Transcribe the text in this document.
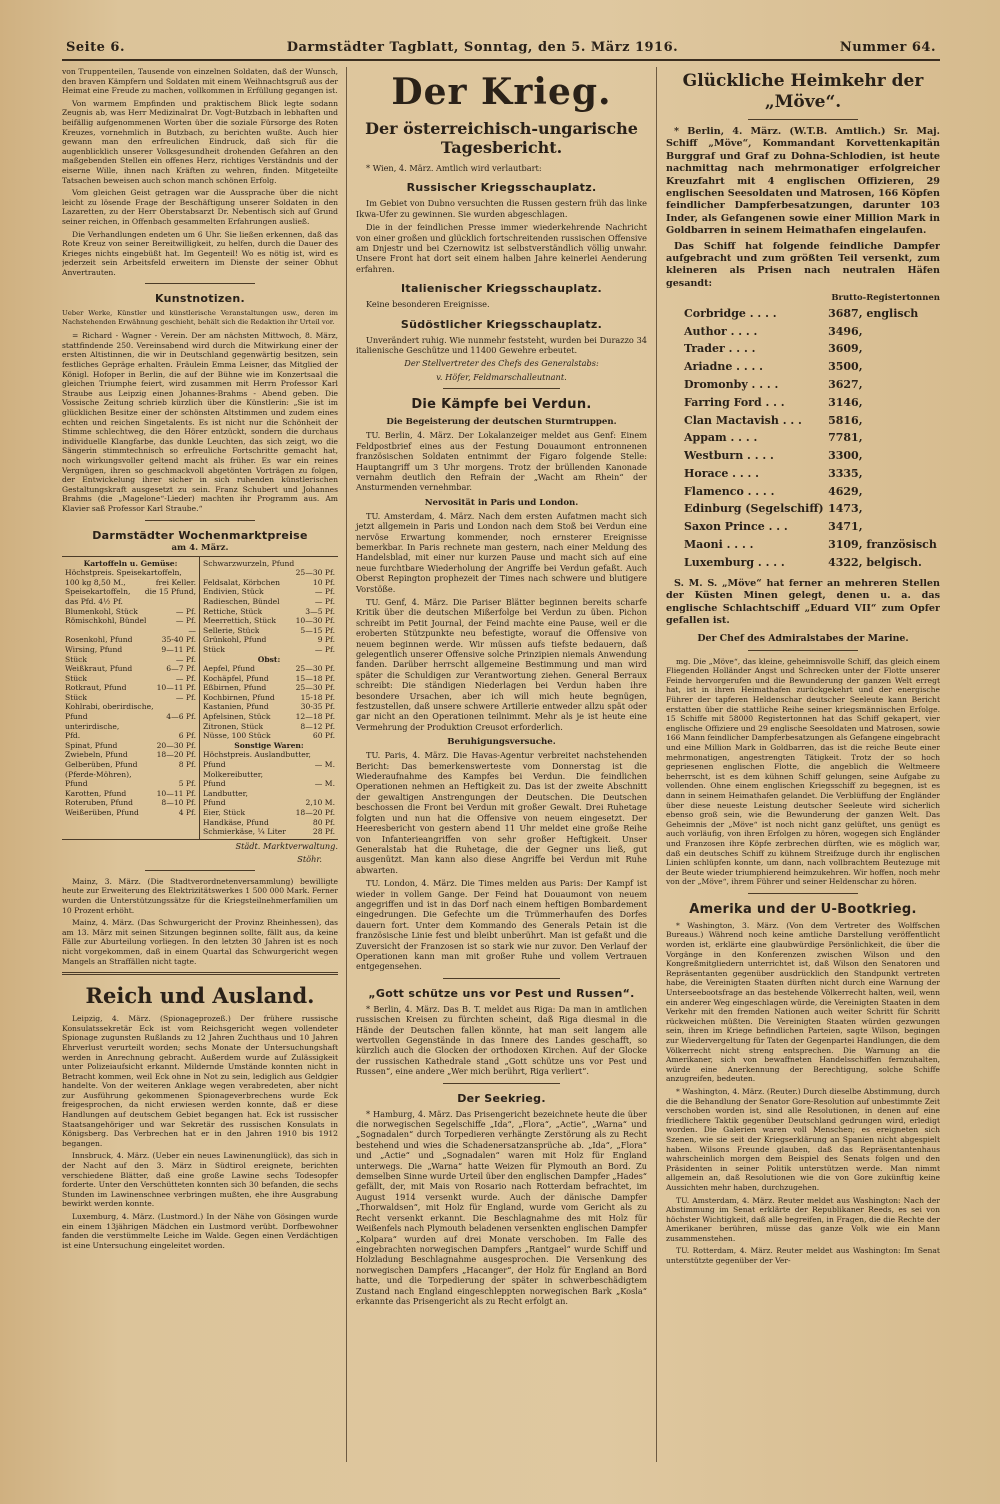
Seite 6.	Darmstädter Tagblatt, Sonntag, den 5. März 1916.	Nummer 64.

von Truppenteilen, Tausende von einzelnen Soldaten, daß der Wunsch, den braven Kämpfern und Soldaten mit einem Weihnachtsgruß aus der Heimat eine Freude zu machen, vollkommen in Erfüllung gegangen ist.

Von warmem Empfinden und praktischem Blick legte sodann Zeugnis ab, was Herr Medizinalrat Dr. Vogt-Butzbach in lebhaften und beifällig aufgenommenen Worten über die soziale Fürsorge des Roten Kreuzes, vornehmlich in Butzbach, zu berichten wußte. Auch hier gewann man den erfreulichen Eindruck, daß sich für die augenblicklich unserer Volksgesundheit drohenden Gefahren an den maßgebenden Stellen ein offenes Herz, richtiges Verständnis und der eiserne Wille, ihnen nach Kräften zu wehren, finden. Mitgeteilte Tatsachen beweisen auch schon manch schönen Erfolg.

Vom gleichen Geist getragen war die Aussprache über die nicht leicht zu lösende Frage der Beschäftigung unserer Soldaten in den Lazaretten, zu der Herr Oberstabsarzt Dr. Nebentisch sich auf Grund seiner reichen, in Offenbach gesammelten Erfahrungen ausließ.

Die Verhandlungen endeten um 6 Uhr. Sie ließen erkennen, daß das Rote Kreuz von seiner Bereitwilligkeit, zu helfen, durch die Dauer des Krieges nichts eingebüßt hat. Im Gegenteil! Wo es nötig ist, wird es jederzeit sein Arbeitsfeld erweitern im Dienste der seiner Obhut Anvertrauten.

Kunstnotizen.
Ueber Werke, Künstler und künstlerische Veranstaltungen usw., deren im Nachstehenden Erwähnung geschieht, behält sich die Redaktion ihr Urteil vor.

= Richard - Wagner - Verein. Der am nächsten Mittwoch, 8. März, stattfindende 250. Vereinsabend wird durch die Mitwirkung einer der ersten Altistinnen, die wir in Deutschland gegenwärtig besitzen, sein festliches Gepräge erhalten. Fräulein Emma Leisner, das Mitglied der Königl. Hofoper in Berlin, die auf der Bühne wie im Konzertsaal die gleichen Triumphe feiert, wird zusammen mit Herrn Professor Karl Straube aus Leipzig einen Johannes-Brahms - Abend geben. Die Vossische Zeitung schrieb kürzlich über die Künstlerin: „Sie ist im glücklichen Besitze einer der schönsten Altstimmen und zudem eines echten und reichen Singetalents. Es ist nicht nur die Schönheit der Stimme schlechtweg, die den Hörer entzückt, sondern die durchaus individuelle Klangfarbe, das dunkle Leuchten, das sich zeigt, wo die Sängerin stimmtechnisch so erfreuliche Fortschritte gemacht hat, noch wirkungsvoller geltend macht als früher. Es war ein reines Vergnügen, ihren so geschmackvoll abgetönten Vorträgen zu folgen, der Entwickelung ihrer sicher in sich ruhenden künstlerischen Gestaltungskraft ausgesetzt zu sein. Franz Schubert und Johannes Brahms (die „Magelone“-Lieder) machten ihr Programm aus. Am Klavier saß Professor Karl Straube.“

Darmstädter Wochenmarktpreise
am 4. März.
Kartoffeln u. Gemüse:
Höchstpreis. Speisekartoffeln,
100 kg 8,50 M.,	frei Keller.
Speisekartoffeln, die 15 Pfund,
das Pfd. 4½ Pf.
Blumenkohl, Stück	— Pf.
Römischkohl, Bündel	— Pf.
—
Rosenkohl, Pfund	35-40 Pf.
Wirsing, Pfund	9—11 Pf.
Stück	— Pf.
Weißkraut, Pfund	6—7 Pf.
Stück	— Pf.
Rotkraut, Pfund	10—11 Pf.
Stück	— Pf.
Kohlrabi, oberirdische,
Pfund	4—6 Pf.
unterirdische,
Pfd.	6 Pf.
Spinat, Pfund	20—30 Pf.
Zwiebeln, Pfund	18—20 Pf.
Gelberüben, Pfund	8 Pf.
(Pferde-Möhren),
Pfund	5 Pf.
Karotten, Pfund	10—11 Pf.
Roteruben, Pfund	8—10 Pf.
Weißerüben, Pfund	4 Pf.
Schwarzwurzeln, Pfund
25—30 Pf.
Feldsalat, Körbchen	10 Pf.
Endivien, Stück	— Pf.
Radieschen, Bündel	— Pf.
Rettiche, Stück	3—5 Pf.
Meerrettich, Stück	10—30 Pf.
Sellerie, Stück	5—15 Pf.
Grünkohl, Pfund	9 Pf.
Stück	— Pf.
Obst:
Aepfel, Pfund	25—30 Pf.
Kochäpfel, Pfund	15—18 Pf.
Eßbirnen, Pfund	25—30 Pf.
Kochbirnen, Pfund	15-18 Pf.
Kastanien, Pfund	30-35 Pf.
Apfelsinen, Stück	12—18 Pf.
Zitronen, Stück	8—12 Pf.
Nüsse, 100 Stück	60 Pf.
Sonstige Waren:
Höchstpreis. Auslandbutter,
Pfund	— M.
Molkereibutter,
Pfund	— M.
Landbutter,
Pfund	2,10 M.
Eier, Stück	18—20 Pf.
Handkäse, Pfund	80 Pf.
Schmierkäse, ¼ Liter	28 Pf.
Städt. Marktverwaltung.
Stöhr.

Mainz, 3. März. (Die Stadtverordnetenversammlung) bewilligte heute zur Erweiterung des Elektrizitätswerkes 1 500 000 Mark. Ferner wurden die Unterstützungssätze für die Kriegsteilnehmerfamilien um 10 Prozent erhöht.

Mainz, 4. März. (Das Schwurgericht der Provinz Rheinhessen), das am 13. März mit seinen Sitzungen beginnen sollte, fällt aus, da keine Fälle zur Aburteilung vorliegen. In den letzten 30 Jahren ist es noch nicht vorgekommen, daß in einem Quartal das Schwurgericht wegen Mangels an Straffällen nicht tagte.

Reich und Ausland.

Leipzig, 4. März. (Spionageprozeß.) Der frühere russische Konsulatssekretär Eck ist vom Reichsgericht wegen vollendeter Spionage zugunsten Rußlands zu 12 Jahren Zuchthaus und 10 Jahren Ehrverlust verurteilt worden; sechs Monate der Untersuchungshaft werden in Anrechnung gebracht. Außerdem wurde auf Zulässigkeit unter Polizeiaufsicht erkannt. Mildernde Umstände konnten nicht in Betracht kommen, weil Eck ohne in Not zu sein, lediglich aus Geldgier handelte. Von der weiteren Anklage wegen verabredeten, aber nicht zur Ausführung gekommenen Spionageverbrechens wurde Eck freigesprochen, da nicht erwiesen werden konnte, daß er diese Handlungen auf deutschem Gebiet begangen hat. Eck ist russischer Staatsangehöriger und war Sekretär des russischen Konsulats in Königsberg. Das Verbrechen hat er in den Jahren 1910 bis 1912 begangen.

Innsbruck, 4. März. (Ueber ein neues Lawinenunglück), das sich in der Nacht auf den 3. März in Südtirol ereignete, berichten verschiedene Blätter, daß eine große Lawine sechs Todesopfer forderte. Unter den Verschütteten konnten sich 30 befanden, die sechs Stunden im Lawinenschnee verbringen mußten, ehe ihre Ausgrabung bewirkt werden konnte.

Luxemburg, 4. März. (Lustmord.) In der Nähe von Gösingen wurde ein einem 13jährigen Mädchen ein Lustmord verübt. Dorfbewohner fanden die verstümmelte Leiche im Walde. Gegen einen Verdächtigen ist eine Untersuchung eingeleitet worden.

Der Krieg.
Der österreichisch-ungarische Tagesbericht.

* Wien, 4. März. Amtlich wird verlautbart:

Russischer Kriegsschauplatz.

Im Gebiet von Dubno versuchten die Russen gestern früh das linke Ikwa-Ufer zu gewinnen. Sie wurden abgeschlagen.

Die in der feindlichen Presse immer wiederkehrende Nachricht von einer großen und glücklich fortschreitenden russischen Offensive am Dnjestr und bei Czernowitz ist selbstverständlich völlig unwahr. Unsere Front hat dort seit einem halben Jahre keinerlei Aenderung erfahren.

Italienischer Kriegsschauplatz.

Keine besonderen Ereignisse.

Südöstlicher Kriegsschauplatz.

Unverändert ruhig. Wie nunmehr feststeht, wurden bei Durazzo 34 italienische Geschütze und 11400 Gewehre erbeutet.

Der Stellvertreter des Chefs des Generalstabs:

v. Höfer, Feldmarschalleutnant.

Die Kämpfe bei Verdun.
Die Begeisterung der deutschen Sturmtruppen.

TU. Berlin, 4. März. Der Lokalanzeiger meldet aus Genf: Einem Feldpostbrief eines aus der Festung Douaumont entronnenen französischen Soldaten entnimmt der Figaro folgende Stelle: Hauptangriff um 3 Uhr morgens. Trotz der brüllenden Kanonade vernahm deutlich den Refrain der „Wacht am Rhein“ der Ansturmenden vernehmbar.

Nervosität in Paris und London.

TU. Amsterdam, 4. März. Nach dem ersten Aufatmen macht sich jetzt allgemein in Paris und London nach dem Stoß bei Verdun eine nervöse Erwartung kommender, noch ernsterer Ereignisse bemerkbar. In Paris rechnete man gestern, nach einer Meldung des Handelsblad, mit einer nur kurzen Pause und macht sich auf eine neue furchtbare Wiederholung der Angriffe bei Verdun gefaßt. Auch Oberst Repington prophezeit der Times nach schwere und blutigere Vorstöße.

TU. Genf, 4. März. Die Pariser Blätter beginnen bereits scharfe Kritik über die deutschen Mißerfolge bei Verdun zu üben. Pichon schreibt im Petit Journal, der Feind machte eine Pause, weil er die eroberten Stützpunkte neu befestigte, worauf die Offensive von neuem beginnen werde. Wir müssen aufs tiefste bedauern, daß gelegentlich unserer Offensive solche Prinzipien niemals Anwendung fanden. Darüber herrscht allgemeine Bestimmung und man wird später die Schuldigen zur Verantwortung ziehen. General Berraux schreibt: Die ständigen Niederlagen bei Verdun haben ihre besondere Ursachen, aber ich will mich heute begnügen, festzustellen, daß unsere schwere Artillerie entweder allzu spät oder gar nicht an den Operationen teilnimmt. Mehr als je ist heute eine Vermehrung der Produktion Creusot erforderlich.

Beruhigungsversuche.

TU. Paris, 4. März. Die Havas-Agentur verbreitet nachstehenden Bericht: Das bemerkenswerteste vom Donnerstag ist die Wiederaufnahme des Kampfes bei Verdun. Die feindlichen Operationen nehmen an Heftigkeit zu. Das ist der zweite Abschnitt der gewaltigen Anstrengungen der Deutschen. Die Deutschen beschossen die Front bei Verdun mit großer Gewalt. Drei Ruhetage folgten und nun hat die Offensive von neuem eingesetzt. Der Heeresbericht von gestern abend 11 Uhr meldet eine große Reihe von Infanterieangriffen von sehr großer Heftigkeit. Unser Generalstab hat die Ruhetage, die der Gegner uns ließ, gut ausgenützt. Man kann also diese Angriffe bei Verdun mit Ruhe abwarten.

TU. London, 4. März. Die Times melden aus Paris: Der Kampf ist wieder in vollem Gange. Der Feind hat Douaumont von neuem angegriffen und ist in das Dorf nach einem heftigen Bombardement eingedrungen. Die Gefechte um die Trümmerhaufen des Dorfes dauern fort. Unter dem Kommando des Generals Petain ist die französische Linie fest und bleibt unberührt. Man ist gefaßt und die Zuversicht der Franzosen ist so stark wie nur zuvor. Den Verlauf der Operationen kann man mit großer Ruhe und vollem Vertrauen entgegensehen.

„Gott schütze uns vor Pest und Russen“.

* Berlin, 4. März. Das B. T. meldet aus Riga: Da man in amtlichen russischen Kreisen zu fürchten scheint, daß Riga diesmal in die Hände der Deutschen fallen könnte, hat man seit langem alle wertvollen Gegenstände in das Innere des Landes geschafft, so kürzlich auch die Glocken der orthodoxen Kirchen. Auf der Glocke der russischen Kathedrale stand „Gott schütze uns vor Pest und Russen“, eine andere „Wer mich berührt, Riga verliert“.

Der Seekrieg.

* Hamburg, 4. März. Das Prisengericht bezeichnete heute die über die norwegischen Segelschiffe „Ida“, „Flora“, „Actie“, „Warna“ und „Sognadalen“ durch Torpedieren verhängte Zerstörung als zu Recht bestehend und wies die Schadenersatzansprüche ab. „Ida“, „Flora“ und „Actie“ und „Sognadalen“ waren mit Holz für England unterwegs. Die „Warna“ hatte Weizen für Plymouth an Bord. Zu demselben Sinne wurde Urteil über den englischen Dampfer „Hades“ gefällt, der, mit Mais von Rosario nach Rotterdam befrachtet, im August 1914 versenkt wurde. Auch der dänische Dampfer „Thorwaldsen“, mit Holz für England, wurde vom Gericht als zu Recht versenkt erkannt. Die Beschlagnahme des mit Holz für Weißenfels nach Plymouth beladenen versenkten englischen Dampfer „Kolpara“ wurden auf drei Monate verschoben. Im Falle des eingebrachten norwegischen Dampfers „Rantgael“ wurde Schiff und Holzladung Beschlagnahme ausgesprochen. Die Versenkung des norwegischen Dampfers „Hacanger“, der Holz für England an Bord hatte, und die Torpedierung der später in schwerbeschädigtem Zustand nach England eingeschleppten norwegischen Bark „Kosla“ erkannte das Prisengericht als zu Recht erfolgt an.

Glückliche Heimkehr der „Möve“.
* Berlin, 4. März. (W.T.B. Amtlich.) Sr. Maj. Schiff „Möve“, Kommandant Korvettenkapitän Burggraf und Graf zu Dohna-Schlodien, ist heute nachmittag nach mehrmonatiger erfolgreicher Kreuzfahrt mit 4 englischen Offizieren, 29 englischen Seesoldaten und Matrosen, 166 Köpfen feindlicher Dampferbesatzungen, darunter 103 Inder, als Gefangenen sowie einer Million Mark in Goldbarren in seinem Heimathafen eingelaufen.
Das Schiff hat folgende feindliche Dampfer aufgebracht und zum größten Teil versenkt, zum kleineren als Prisen nach neutralen Häfen gesandt:
Brutto-Registertonnen
Corbridge . . . .	3687, englisch
Author . . . .	3496,
Trader . . . .	3609,
Ariadne . . . .	3500,
Dromonby . . . .	3627,
Farring Ford . . .	3146,
Clan Mactavish . . .	5816,
Appam . . . .	7781,
Westburn . . . .	3300,
Horace . . . .	3335,
Flamenco . . . .	4629,
Edinburg (Segelschiff)	1473,
Saxon Prince . . .	3471,
Maoni . . . .	3109, französisch
Luxemburg . . . .	4322, belgisch.
S. M. S. „Möve“ hat ferner an mehreren Stellen der Küsten Minen gelegt, denen u. a. das englische Schlachtschiff „Eduard VII“ zum Opfer gefallen ist.
Der Chef des Admiralstabes der Marine.

mg. Die „Möve“, das kleine, geheimnisvolle Schiff, das gleich einem Fliegenden Holländer Angst und Schrecken unter der Flotte unserer Feinde hervorgerufen und die Bewunderung der ganzen Welt erregt hat, ist in ihren Heimathafen zurückgekehrt und der energische Führer der tapferen Heldenschar deutscher Seeleute kann Bericht erstatten über die stattliche Reihe seiner kriegsmännischen Erfolge. 15 Schiffe mit 58000 Registertonnen hat das Schiff gekapert, vier englische Offiziere und 29 englische Seesoldaten und Matrosen, sowie 166 Mann feindlicher Dampferbesatzungen als Gefangene eingebracht und eine Million Mark in Goldbarren, das ist die reiche Beute einer mehrmonatigen, angestrengten Tätigkeit. Trotz der so hoch gepriesenen englischen Flotte, die angeblich die Weltmeere beherrscht, ist es dem kühnen Schiff gelungen, seine Aufgabe zu vollenden. Ohne einem englischen Kriegsschiff zu begegnen, ist es dann in seinem Heimathafen gelandet. Die Verblüffung der Engländer über diese neueste Leistung deutscher Seeleute wird sicherlich ebenso groß sein, wie die Bewunderung der ganzen Welt. Das Geheimnis der „Möve“ ist noch nicht ganz gelüftet, uns genügt es auch vorläufig, von ihren Erfolgen zu hören, wogegen sich Engländer und Franzosen ihre Köpfe zerbrechen dürften, wie es möglich war, daß ein deutsches Schiff zu kühnem Streifzuge durch ihr englischen Linien schlüpfen konnte, um dann, nach vollbrachtem Beutezuge mit der Beute wieder triumphierend heimzukehren. Wir hoffen, noch mehr von der „Möve“, ihrem Führer und seiner Heldenschar zu hören.

Amerika und der U-Bootkrieg.

* Washington, 3. März. (Von dem Vertreter des Wolffschen Bureaus.) Während noch keine amtliche Darstellung veröffentlicht worden ist, erklärte eine glaubwürdige Persönlichkeit, die über die Vorgänge in den Konferenzen zwischen Wilson und den Kongreßmitgliedern unterrichtet ist, daß Wilson den Senatoren und Repräsentanten gegenüber ausdrücklich den Standpunkt vertreten habe, die Vereinigten Staaten dürften nicht durch eine Warnung der Unterseebootsfrage an das bestehende Völkerrecht halten, weil, wenn ein anderer Weg eingeschlagen würde, die Vereinigten Staaten in dem Verkehr mit den fremden Nationen auch weiter Schritt für Schritt rückweichen müßten. Die Vereinigten Staaten würden gezwungen sein, ihren im Kriege befindlichen Parteien, sagte Wilson, begingen zur Wiedervergeltung für Taten der Gegenpartei Handlungen, die dem Völkerrecht nicht streng entsprechen. Die Warnung an die Amerikaner, sich von bewaffneten Handelsschiffen fernzuhalten, würde eine Anerkennung der Berechtigung, solche Schiffe anzugreifen, bedeuten.

* Washington, 4. März. (Reuter.) Durch dieselbe Abstimmung, durch die die Behandlung der Senator Gore-Resolution auf unbestimmte Zeit verschoben worden ist, sind alle Resolutionen, in denen auf eine friedlichere Taktik gegenüber Deutschland gedrungen wird, erledigt worden. Die Galerien waren voll Menschen; es ereigneten sich Szenen, wie sie seit der Kriegserklärung an Spanien nicht abgespielt haben. Wilsons Freunde glauben, daß das Repräsentantenhaus wahrscheinlich morgen dem Beispiel des Senats folgen und den Präsidenten in seiner Politik unterstützen werde. Man nimmt allgemein an, daß Resolutionen wie die von Gore zukünftig keine Aussichten mehr haben, durchzugehen.

TU. Amsterdam, 4. März. Reuter meldet aus Washington: Nach der Abstimmung im Senat erklärte der Republikaner Reeds, es sei von höchster Wichtigkeit, daß alle begreifen, in Fragen, die die Rechte der Amerikaner berühren, müsse das ganze Volk wie ein Mann zusammenstehen.

TU. Rotterdam, 4. März. Reuter meldet aus Washington: Im Senat unterstützte gegenüber der Ver-
